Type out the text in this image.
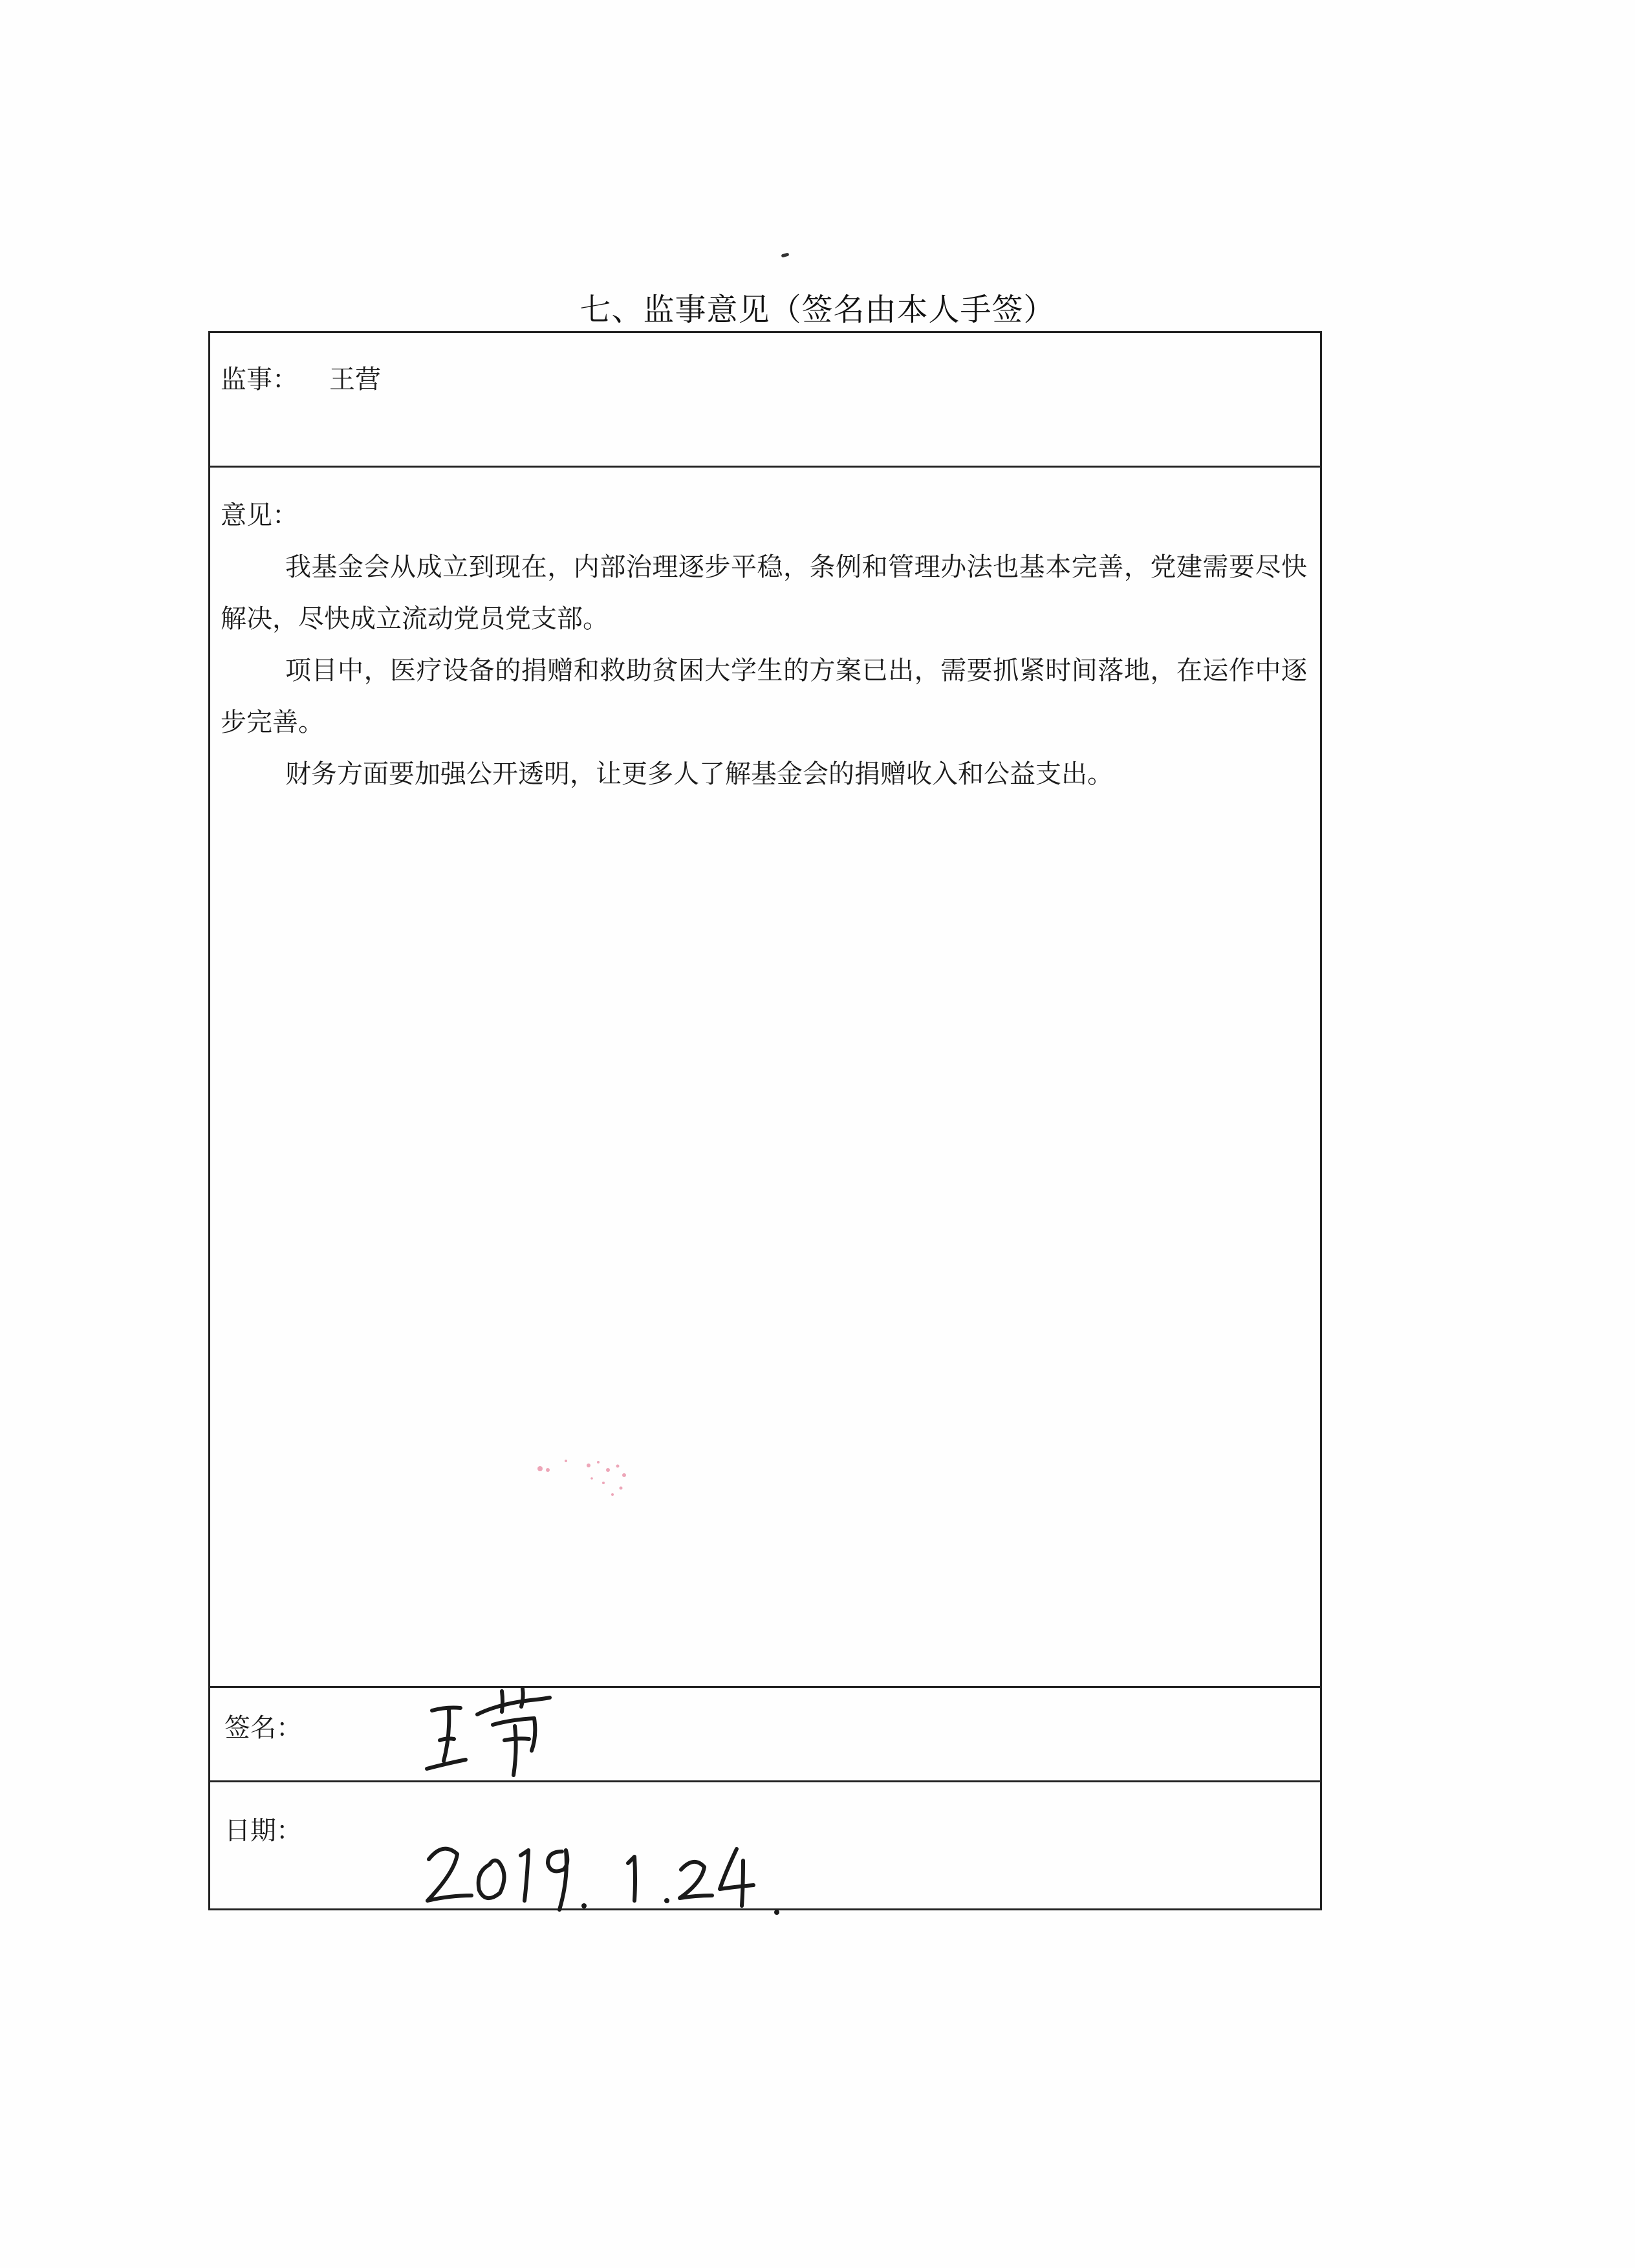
七、监事意见（签名由本人手签）
监事： 王营
意见：

我基金会从成立到现在，内部治理逐步平稳，条例和管理办法也基本完善，党建需要尽快解决，尽快成立流动党员党支部。

项目中，医疗设备的捐赠和救助贫困大学生的方案已出，需要抓紧时间落地，在运作中逐步完善。

财务方面要加强公开透明，让更多人了解基金会的捐赠收入和公益支出。

签名：
日期：
